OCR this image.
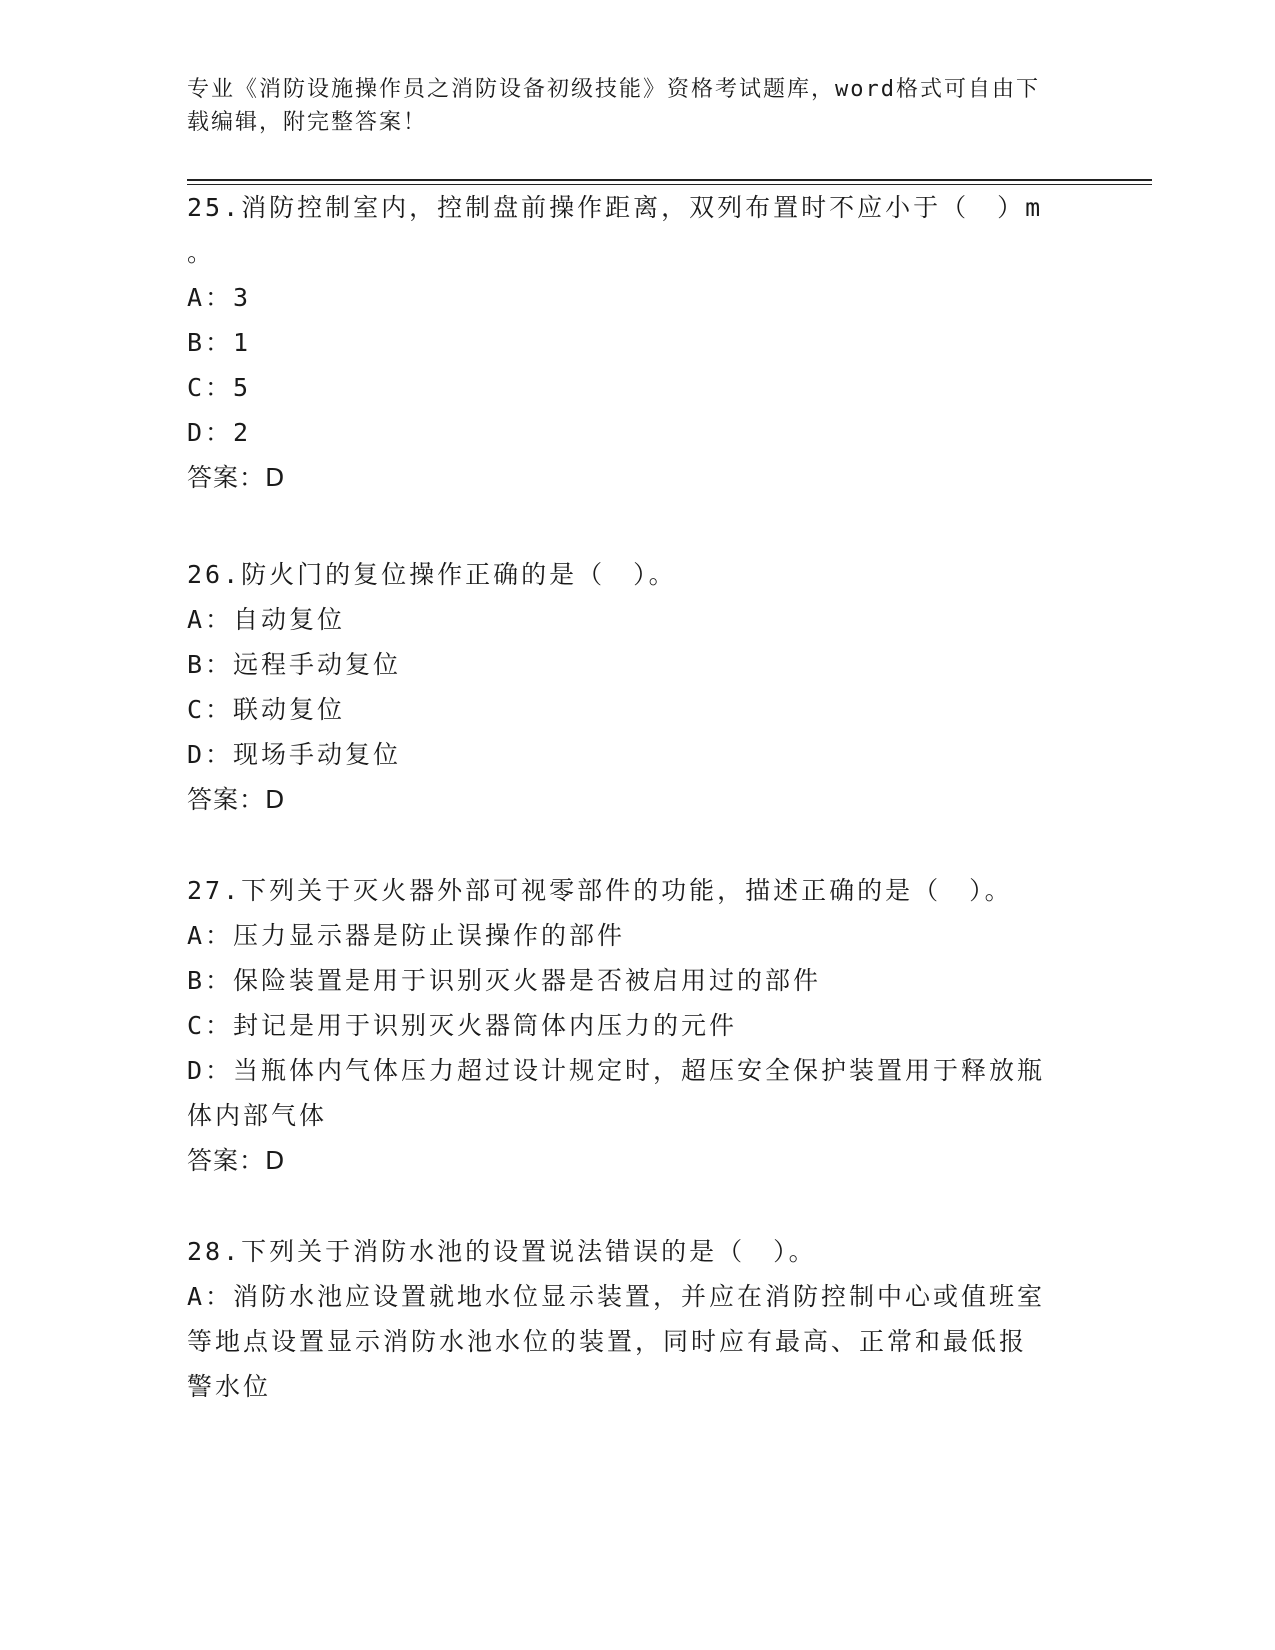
专业《消防设施操作员之消防设备初级技能》资格考试题库，word格式可自由下
载编辑，附完整答案！
25.消防控制室内，控制盘前操作距离，双列布置时不应小于（　）m
。
A：3
B：1
C：5
D：2
答案：D
26.防火门的复位操作正确的是（　）。
A：自动复位
B：远程手动复位
C：联动复位
D：现场手动复位
答案：D
27.下列关于灭火器外部可视零部件的功能，描述正确的是（　）。
A：压力显示器是防止误操作的部件
B：保险装置是用于识别灭火器是否被启用过的部件
C：封记是用于识别灭火器筒体内压力的元件
D：当瓶体内气体压力超过设计规定时，超压安全保护装置用于释放瓶
体内部气体
答案：D
28.下列关于消防水池的设置说法错误的是（　）。
A：消防水池应设置就地水位显示装置，并应在消防控制中心或值班室
等地点设置显示消防水池水位的装置，同时应有最高、正常和最低报
警水位
